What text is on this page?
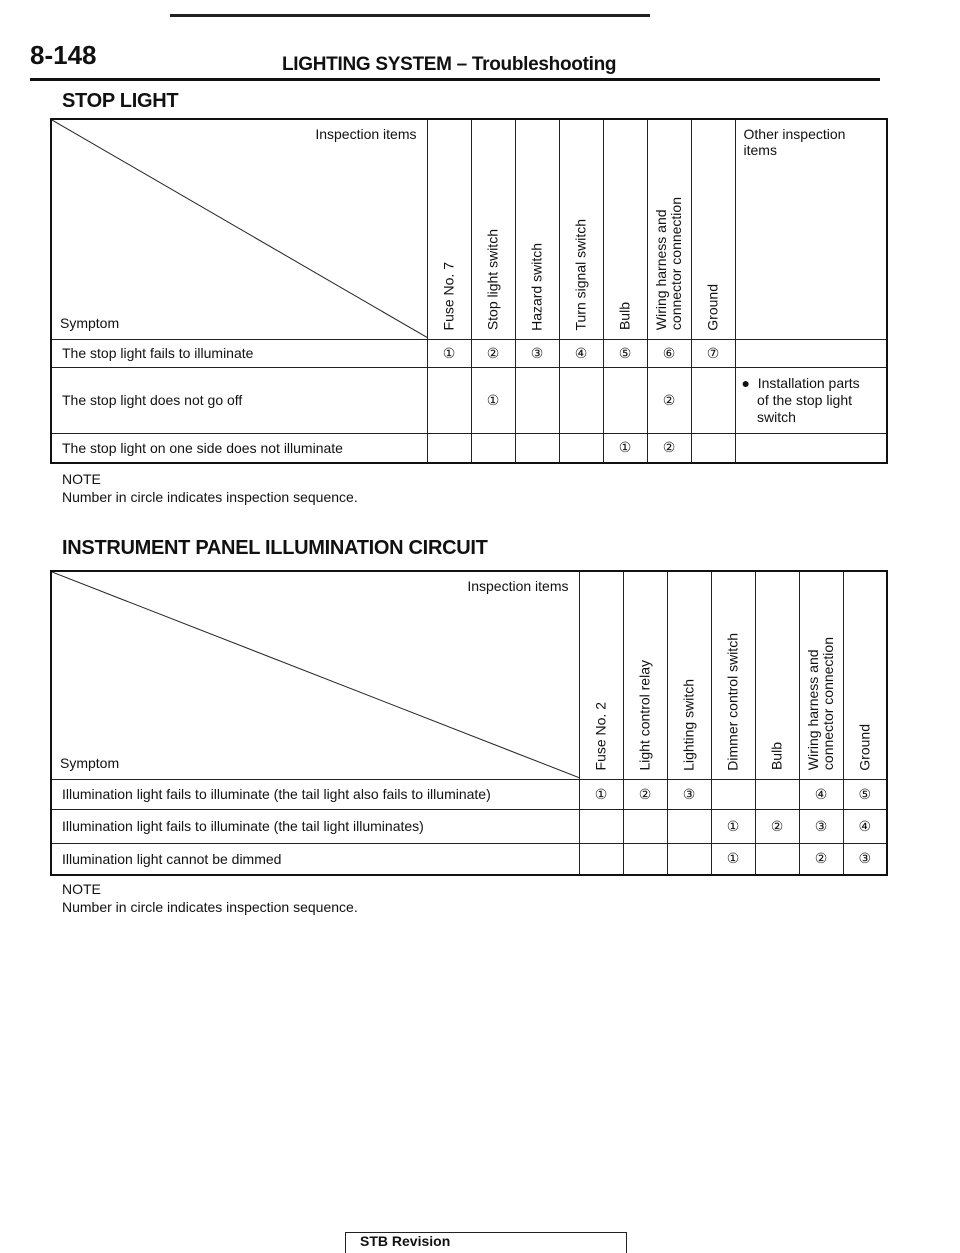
8-148	LIGHTING SYSTEM – Troubleshooting
STOP LIGHT
Inspection items
Symptom	Fuse No. 7	Stop light switch	Hazard switch	Turn signal switch	Bulb	Wiring harness and
connector connection	Ground	Other inspection
items
The stop light fails to illuminate	①	②	③	④	⑤	⑥	⑦	
The stop light does not go off		①				②		●  Installation parts
of the stop light
switch
The stop light on one side does not illuminate					①	②		
NOTE
Number in circle indicates inspection sequence.
INSTRUMENT PANEL ILLUMINATION CIRCUIT
Inspection items
Symptom	Fuse No. 2	Light control relay	Lighting switch	Dimmer control switch	Bulb	Wiring harness and
connector connection	Ground

Illumination light fails to illuminate (the tail light also fails to illuminate)	①	②	③			④	⑤
Illumination light fails to illuminate (the tail light illuminates)				①	②	③	④
Illumination light cannot be dimmed				①		②	③
NOTE
Number in circle indicates inspection sequence.
STB Revision
